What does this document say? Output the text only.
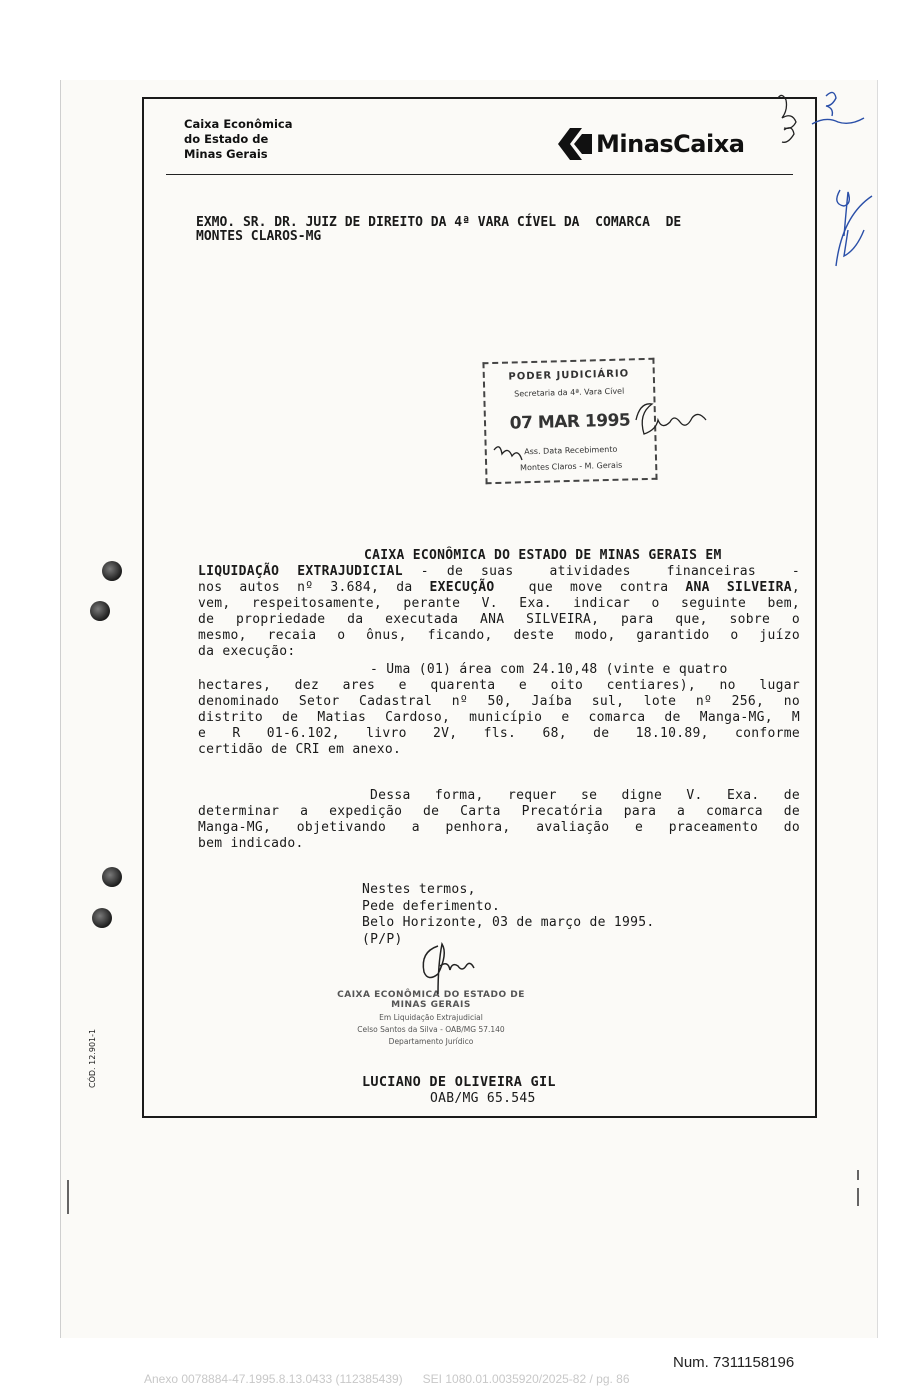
Caixa Econômica
do Estado de
Minas Gerais	MinasCaixa
EXMO. SR. DR. JUIZ DE DIREITO DA 4ª VARA CÍVEL DA  COMARCA  DE
MONTES CLAROS-MG
PODER JUDICIÁRIO
Secretaria da 4ª. Vara Cível
07 MAR 1995
Ass. Data Recebimento
Montes Claros - M. Gerais
CAIXA ECONÔMICA DO ESTADO DE MINAS GERAIS EM
LIQUIDAÇÃO EXTRAJUDICIAL - de suas  atividades  financeiras  -
nos autos nº 3.684, da EXECUÇÃO  que move contra ANA SILVEIRA,
vem, respeitosamente, perante V. Exa. indicar o seguinte bem,
de propriedade da executada ANA SILVEIRA, para que, sobre o
mesmo, recaia o ônus, ficando, deste modo, garantido o juízo
da execução:
- Uma (01) área com 24.10,48 (vinte e quatro
hectares, dez ares e quarenta e oito centiares), no lugar
denominado Setor Cadastral nº 50, Jaíba sul, lote nº 256, no
distrito de Matias Cardoso, município e comarca de Manga-MG, M
e R 01-6.102, livro 2V, fls. 68, de 18.10.89, conforme
certidão de CRI em anexo.
Dessa forma, requer se digne V. Exa. de
determinar a expedição de Carta Precatória para a comarca de
Manga-MG, objetivando a penhora, avaliação e praceamento do
bem indicado.
Nestes termos,
Pede deferimento.
Belo Horizonte, 03 de março de 1995.
(P/P)
CAIXA ECONÔMICA DO ESTADO DE MINAS GERAIS
Em Liquidação Extrajudicial
Celso Santos da Silva - OAB/MG 57.140
Departamento Jurídico
LUCIANO DE OLIVEIRA GIL
OAB/MG 65.545
CÓD. 12.901-1
Num. 7311158196
Anexo 0078884-47.1995.8.13.0433 (112385439)      SEI 1080.01.0035920/2025-82 / pg. 86
